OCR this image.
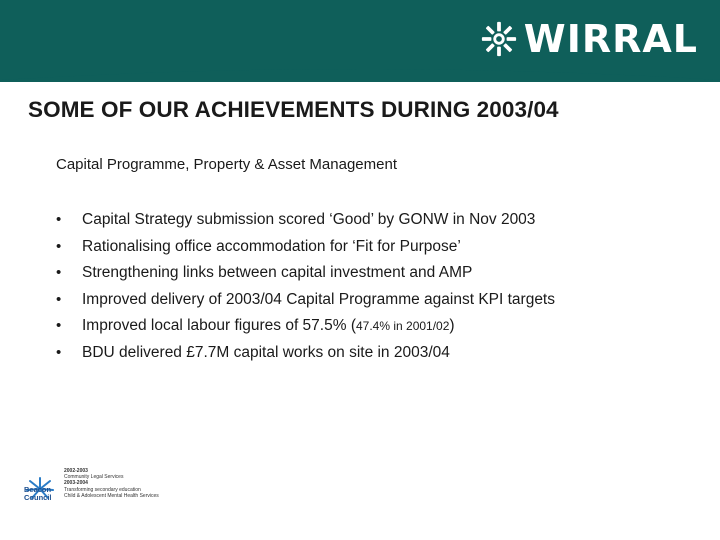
WIRRAL
SOME OF OUR ACHIEVEMENTS DURING 2003/04

Capital Programme, Property & Asset Management

•	Capital Strategy submission scored ‘Good’ by GONW in Nov 2003
•	Rationalising office accommodation for ‘Fit for Purpose’
•	Strengthening links between capital investment and AMP
•	Improved delivery of 2003/04 Capital Programme against KPI targets
•	Improved local labour figures of 57.5% (47.4% in 2001/02)
•	BDU delivered £7.7M capital works on site in 2003/04
Beacon
Council
2002-2003
Community Legal Services
2003-2004
Transforming secondary education
Child & Adolescent Mental Health Services
